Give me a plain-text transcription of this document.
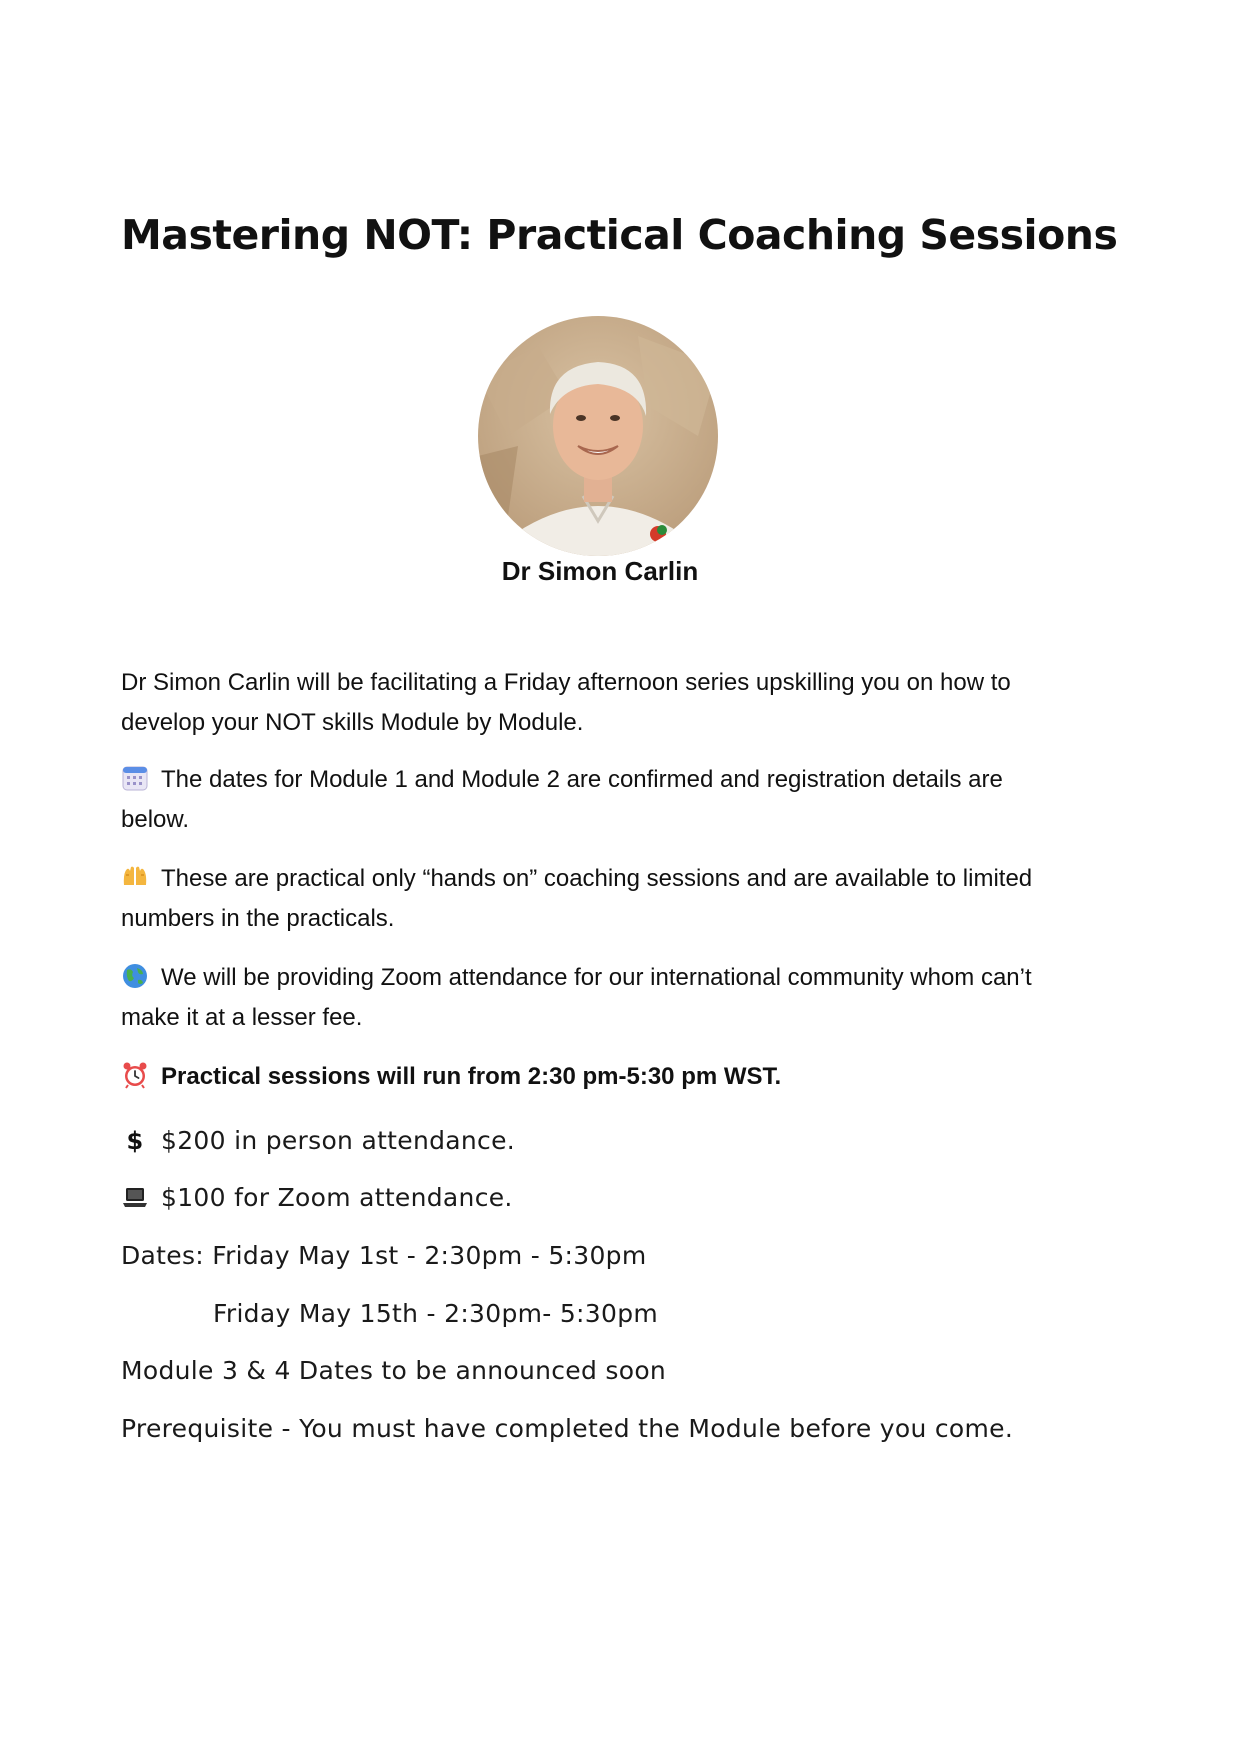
Mastering NOT: Practical Coaching Sessions
Dr Simon Carlin

Dr Simon Carlin will be facilitating a Friday afternoon series upskilling you on how to
develop your NOT skills Module by Module.

The dates for Module 1 and Module 2 are confirmed and registration details are
below.

These are practical only “hands on” coaching sessions and are available to limited
numbers in the practicals.

We will be providing Zoom attendance for our international community whom can’t
make it at a lesser fee.

Practical sessions will run from 2:30 pm-5:30 pm WST.

$ $200 in person attendance.

$100 for Zoom attendance.

Dates: Friday May 1st - 2:30pm - 5:30pm

Friday May 15th - 2:30pm- 5:30pm

Module 3 & 4 Dates to be announced soon

Prerequisite - You must have completed the Module before you come.
